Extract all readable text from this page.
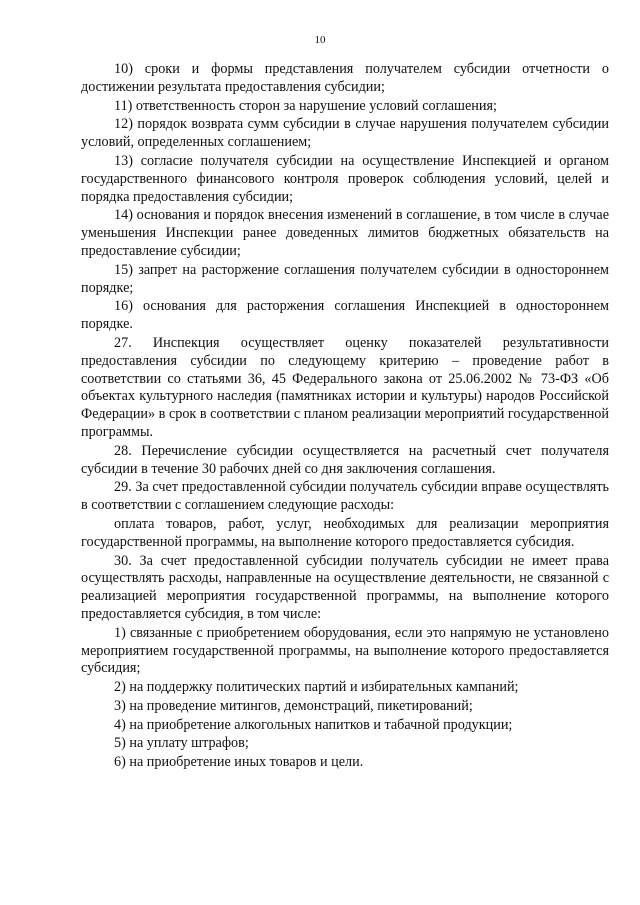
10

10) сроки и формы представления получателем субсидии отчетности о достижении результата предоставления субсидии;

11) ответственность сторон за нарушение условий соглашения;

12) порядок возврата сумм субсидии в случае нарушения получателем субсидии условий, определенных соглашением;

13) согласие получателя субсидии на осуществление Инспекцией и органом государственного финансового контроля проверок соблюдения условий, целей и порядка предоставления субсидии;

14) основания и порядок внесения изменений в соглашение, в том числе в случае уменьшения Инспекции ранее доведенных лимитов бюджетных обязательств на предоставление субсидии;

15) запрет на расторжение соглашения получателем субсидии в одностороннем порядке;

16) основания для расторжения соглашения Инспекцией в одностороннем порядке.

27. Инспекция осуществляет оценку показателей результативности предоставления субсидии по следующему критерию – проведение работ в соответствии со статьями 36, 45 Федерального закона от 25.06.2002 № 73-ФЗ «Об объектах культурного наследия (памятниках истории и культуры) народов Российской Федерации» в срок в соответствии с планом реализации мероприятий государственной программы.

28. Перечисление субсидии осуществляется на расчетный счет получателя субсидии в течение 30 рабочих дней со дня заключения соглашения.

29. За счет предоставленной субсидии получатель субсидии вправе осуществлять в соответствии с соглашением следующие расходы:

оплата товаров, работ, услуг, необходимых для реализации мероприятия государственной программы, на выполнение которого предоставляется субсидия.

30. За счет предоставленной субсидии получатель субсидии не имеет права осуществлять расходы, направленные на осуществление деятельности, не связанной с реализацией мероприятия государственной программы, на выполнение которого предоставляется субсидия, в том числе:

1) связанные с приобретением оборудования, если это напрямую не установлено мероприятием государственной программы, на выполнение которого предоставляется субсидия;

2) на поддержку политических партий и избирательных кампаний;

3) на проведение митингов, демонстраций, пикетирований;

4) на приобретение алкогольных напитков и табачной продукции;

5) на уплату штрафов;

6) на приобретение иных товаров и цели.
